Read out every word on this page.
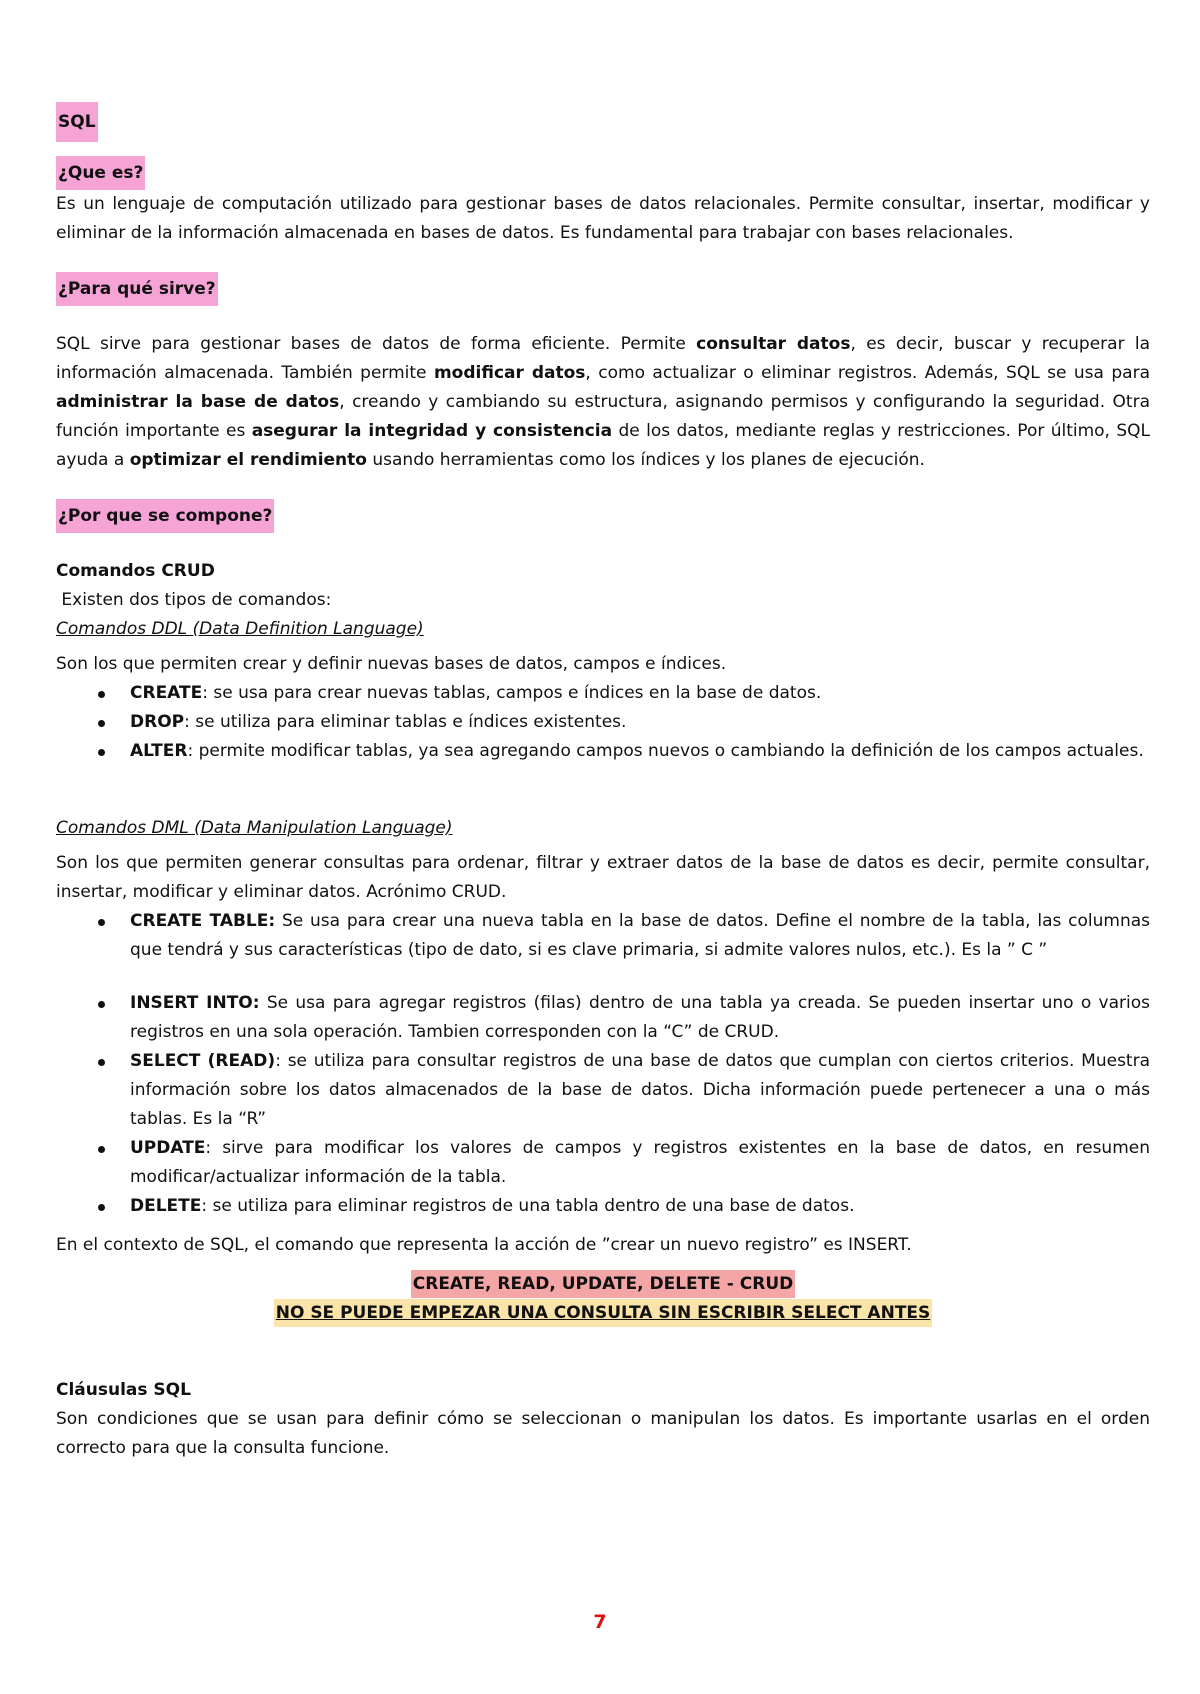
SQL
¿Que es?

Es un lenguaje de computación utilizado para gestionar bases de datos relacionales. Permite consultar, insertar, modificar y eliminar de la información almacenada en bases de datos. Es fundamental para trabajar con bases relacionales.

¿Para qué sirve?

SQL sirve para gestionar bases de datos de forma eficiente. Permite consultar datos, es decir, buscar y recuperar la información almacenada. También permite modificar datos, como actualizar o eliminar registros. Además, SQL se usa para administrar la base de datos, creando y cambiando su estructura, asignando permisos y configurando la seguridad. Otra función importante es asegurar la integridad y consistencia de los datos, mediante reglas y restricciones. Por último, SQL ayuda a optimizar el rendimiento usando herramientas como los índices y los planes de ejecución.

¿Por que se compone?
Comandos CRUD
Existen dos tipos de comandos:
Comandos DDL (Data Definition Language)
Son los que permiten crear y definir nuevas bases de datos, campos e índices.
CREATE: se usa para crear nuevas tablas, campos e índices en la base de datos.
DROP: se utiliza para eliminar tablas e índices existentes.
ALTER: permite modificar tablas, ya sea agregando campos nuevos o cambiando la definición de los campos actuales.
Comandos DML (Data Manipulation Language)

Son los que permiten generar consultas para ordenar, filtrar y extraer datos de la base de datos es decir, permite consultar, insertar, modificar y eliminar datos. Acrónimo CRUD.

CREATE TABLE: Se usa para crear una nueva tabla en la base de datos. Define el nombre de la tabla, las columnas que tendrá y sus características (tipo de dato, si es clave primaria, si admite valores nulos, etc.). Es la ” C ”
INSERT INTO: Se usa para agregar registros (filas) dentro de una tabla ya creada. Se pueden insertar uno o varios registros en una sola operación. Tambien corresponden con la “C” de CRUD.
SELECT (READ): se utiliza para consultar registros de una base de datos que cumplan con ciertos criterios. Muestra información sobre los datos almacenados de la base de datos. Dicha información puede pertenecer a una o más tablas. Es la “R”
UPDATE: sirve para modificar los valores de campos y registros existentes en la base de datos, en resumen modificar/actualizar información de la tabla.
DELETE: se utiliza para eliminar registros de una tabla dentro de una base de datos.
En el contexto de SQL, el comando que representa la acción de ”crear un nuevo registro” es INSERT.
CREATE, READ, UPDATE, DELETE - CRUD
NO SE PUEDE EMPEZAR UNA CONSULTA SIN ESCRIBIR SELECT ANTES
Cláusulas SQL

Son condiciones que se usan para definir cómo se seleccionan o manipulan los datos. Es importante usarlas en el orden correcto para que la consulta funcione.

7
